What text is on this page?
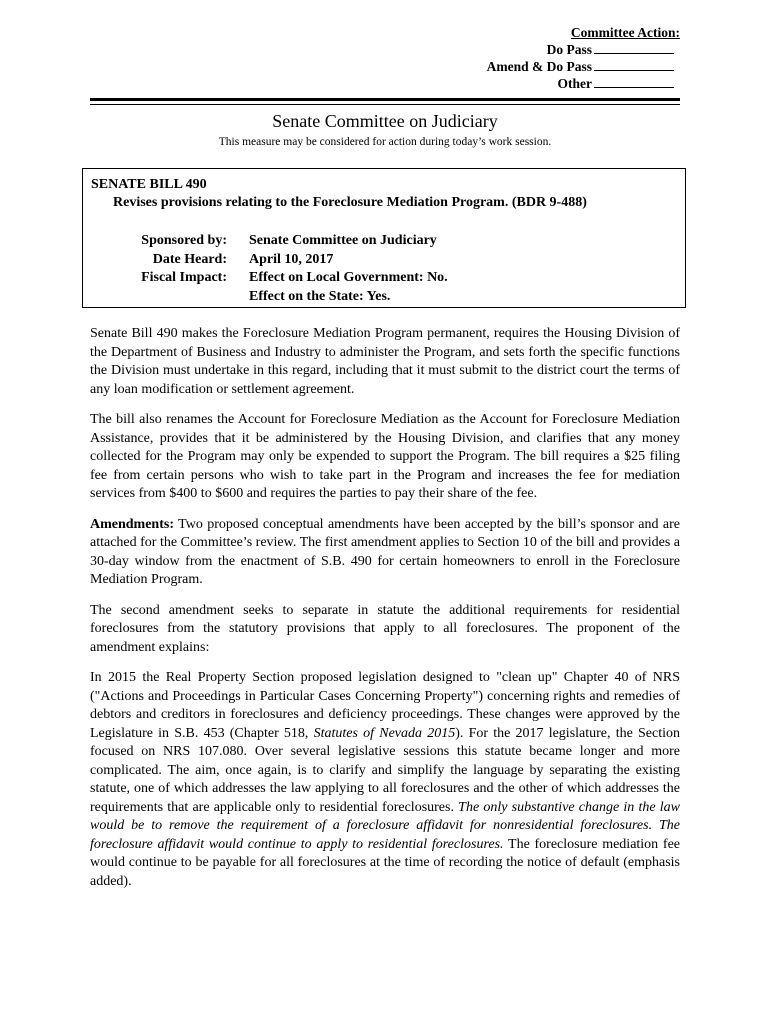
Committee Action:
Do Pass
Amend & Do Pass
Other
Senate Committee on Judiciary
This measure may be considered for action during today’s work session.
SENATE BILL 490
Revises provisions relating to the Foreclosure Mediation Program. (BDR 9-488)
Sponsored by: Senate Committee on Judiciary
Date Heard: April 10, 2017
Fiscal Impact: Effect on Local Government: No.
Effect on the State: Yes.

Senate Bill 490 makes the Foreclosure Mediation Program permanent, requires the Housing Division of the Department of Business and Industry to administer the Program, and sets forth the specific functions the Division must undertake in this regard, including that it must submit to the district court the terms of any loan modification or settlement agreement.

The bill also renames the Account for Foreclosure Mediation as the Account for Foreclosure Mediation Assistance, provides that it be administered by the Housing Division, and clarifies that any money collected for the Program may only be expended to support the Program. The bill requires a $25 filing fee from certain persons who wish to take part in the Program and increases the fee for mediation services from $400 to $600 and requires the parties to pay their share of the fee.

Amendments: Two proposed conceptual amendments have been accepted by the bill’s sponsor and are attached for the Committee’s review. The first amendment applies to Section 10 of the bill and provides a 30-day window from the enactment of S.B. 490 for certain homeowners to enroll in the Foreclosure Mediation Program.

The second amendment seeks to separate in statute the additional requirements for residential foreclosures from the statutory provisions that apply to all foreclosures. The proponent of the amendment explains:

In 2015 the Real Property Section proposed legislation designed to "clean up" Chapter 40 of NRS ("Actions and Proceedings in Particular Cases Concerning Property") concerning rights and remedies of debtors and creditors in foreclosures and deficiency proceedings. These changes were approved by the Legislature in S.B. 453 (Chapter 518, Statutes of Nevada 2015). For the 2017 legislature, the Section focused on NRS 107.080. Over several legislative sessions this statute became longer and more complicated. The aim, once again, is to clarify and simplify the language by separating the existing statute, one of which addresses the law applying to all foreclosures and the other of which addresses the requirements that are applicable only to residential foreclosures. The only substantive change in the law would be to remove the requirement of a foreclosure affidavit for nonresidential foreclosures. The foreclosure affidavit would continue to apply to residential foreclosures. The foreclosure mediation fee would continue to be payable for all foreclosures at the time of recording the notice of default (emphasis added).
